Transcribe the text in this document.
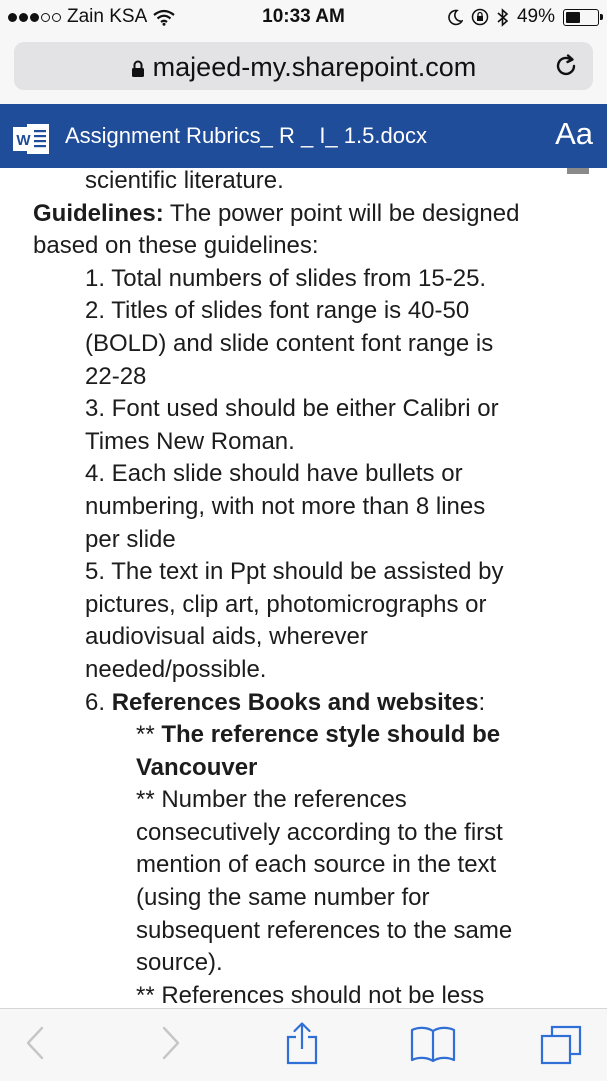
Zain KSA	10:33 AM	49%
majeed-my.sharepoint.com
W Assignment Rubrics_ R _ I_ 1.5.docx	Aa

scientific literature.

Guidelines: The power point will be designed

based on these guidelines:

1. Total numbers of slides from 15-25.

2. Titles of slides font range is 40-50

(BOLD) and slide content font range is

22-28

3. Font used should be either Calibri or

Times New Roman.

4. Each slide should have bullets or

numbering, with not more than 8 lines

per slide

5. The text in Ppt should be assisted by

pictures, clip art, photomicrographs or

audiovisual aids, wherever

needed/possible.

6. References Books and websites:

** The reference style should be

Vancouver

** Number the references

consecutively according to the first

mention of each source in the text

(using the same number for

subsequent references to the same

source).

** References should not be less
